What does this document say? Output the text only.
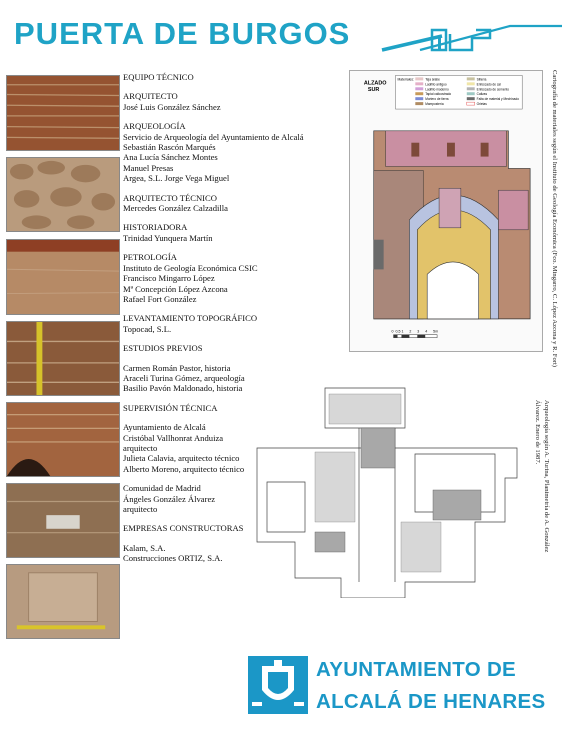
PUERTA DE BURGOS
EQUIPO TÉCNICO
ARQUITECTO
José Luis González Sánchez
ARQUEOLOGÍA
Servicio de Arqueología del Ayuntamiento de Alcalá
Sebastián Rascón Marqués
Ana Lucía Sánchez Montes
Manuel Presas
Argea, S.L. Jorge Vega Miguel
ARQUITECTO TÉCNICO
Mercedes González Calzadilla
HISTORIADORA
Trinidad Yunquera Martín
PETROLOGÍA
Instituto de Geología Económica CSIC
Francisco Mingarro López
Mª Concepción López Azcona
Rafael Fort González
LEVANTAMIENTO TOPOGRÁFICO
Topocad, S.L.
ESTUDIOS PREVIOS
Carmen Román Pastor, historia
Araceli Turina Gómez, arqueología
Basilio Pavón Maldonado, historia
SUPERVISIÓN TÉCNICA
Ayuntamiento de Alcalá
Cristóbal Vallhonrat Anduiza
arquitecto
Julieta Calavia, arquitecto técnico
Alberto Moreno, arquitecto técnico
Comunidad de Madrid
Ángeles González Álvarez
arquitecto
EMPRESAS CONSTRUCTORAS
Kalam, S.A.
Construcciones ORTIZ, S.A.
ALZADO
SUR
Materiales:	Teja árabe
Ladrillo antiguo
Ladrillo moderno
Tapial calicostrado
Mortero de tierra
Mampostería
Sillería
Enfoscado de cal
Enfoscado de cemento
Calizas
Falta de material y Mechinado
Grietas
0 0,5 1 2 3 4 5m	Cartografía de materiales según el Instituto de Geología Económica (Fco. Mingarro, C. López Azcona y R. Fort)
Arqueología según A. Turina, Planimetría de A. González
Álvarez. Enero de 1987.
AYUNTAMIENTO DE
ALCALÁ DE HENARES
